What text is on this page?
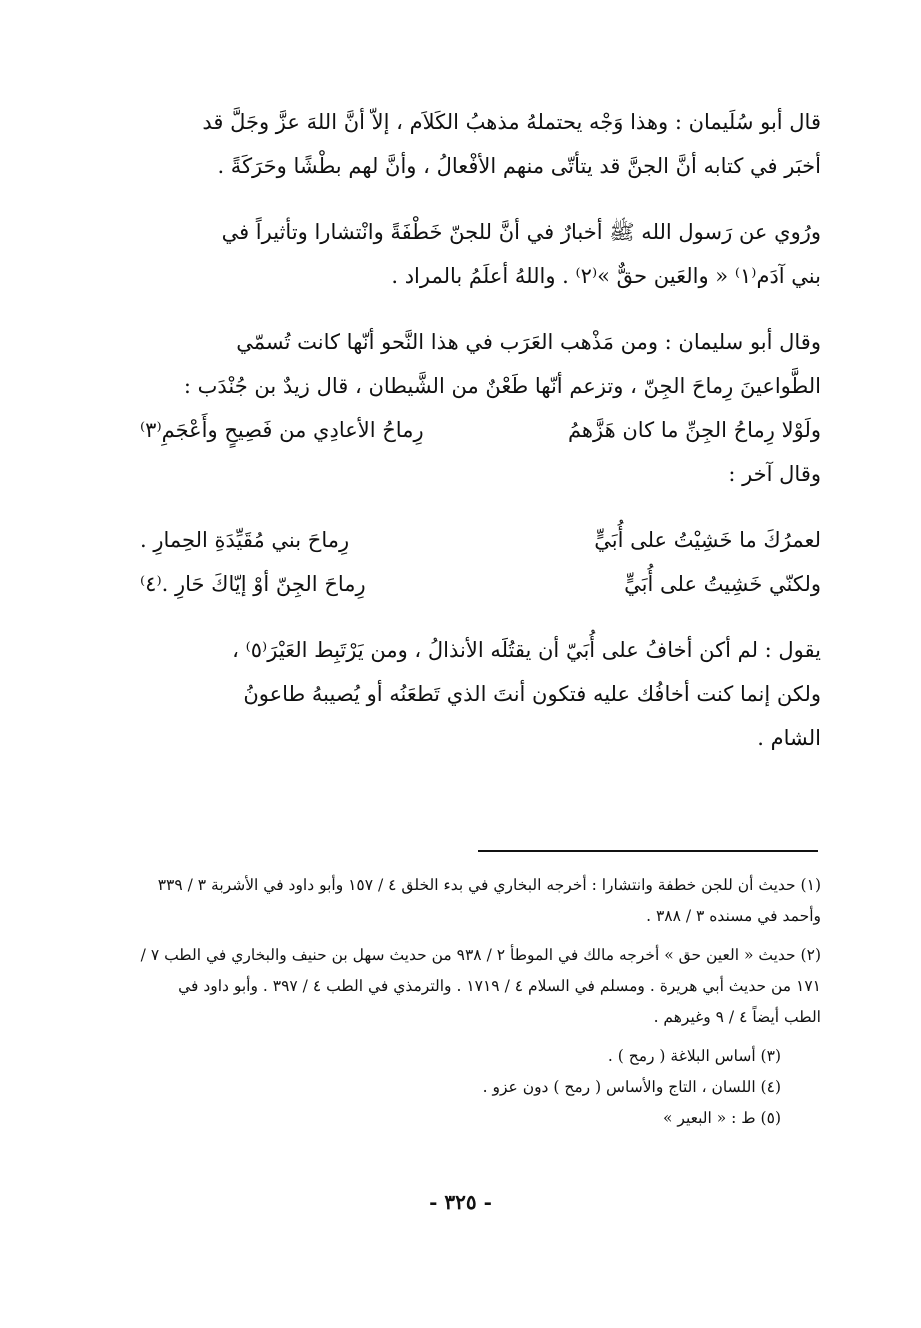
قال أبو سُلَيمان : وهذا وَجْه يحتملهُ مذهبُ الكَلاَم ، إلاّ أنَّ اللهَ عزَّ وجَلَّ قد

أخبَر في كتابه أنَّ الجنَّ قد يتأتّى منهم الأفْعالُ ، وأنَّ لهم بطْشًا وحَرَكَةً .

ورُوي عن رَسول الله ﷺ أخبارٌ في أنَّ للجنّ خَطْفَةً وانْتشارا وتأثيراً في

بني آدَم⁽١⁾ « والعَين حقٌّ »⁽٢⁾ . واللهُ أعلَمُ بالمراد .

وقال أبو سليمان : ومن مَذْهب العَرَب في هذا النَّحو أنّها كانت تُسمّي

الطَّواعينَ رِماحَ الجِنّ ، وتزعم أنّها طَعْنٌ من الشَّيطان ، قال زيدٌ بن جُنْدَب :

ولَوْلا رِماحُ الجِنِّ ما كان هَزَّهمُ
رِماحُ الأعادِي من فَصِيحٍ وأَعْجَمِ⁽٣⁾
وقال آخر :
لعمرُكَ ما خَشِيْتُ على أُبَيٍّ
رِماحَ بني مُقَيِّدَةِ الحِمارِ .
ولكنّي خَشِيتُ على أُبَيٍّ
رِماحَ الجِنّ أوْ إيّاكَ حَارِ .⁽٤⁾

يقول : لم أكن أخافُ على أُبَيّ أن يقتُلَه الأنذالُ ، ومن يَرْتَبِط العَيْرَ⁽٥⁾ ،

ولكن إنما كنت أخافُك عليه فتكون أنتَ الذي تَطعَنُه أو يُصيبهُ طاعونُ

الشام .

(١) حديث أن للجن خطفة وانتشارا : أخرجه البخاري في بدء الخلق ٤ / ١٥٧ وأبو داود في الأشربة ٣ / ٣٣٩ وأحمد في مسنده ٣ / ٣٨٨ .
(٢) حديث « العين حق » أخرجه مالك في الموطأ ٢ / ٩٣٨ من حديث سهل بن حنيف والبخاري في الطب ٧ / ١٧١ من حديث أبي هريرة . ومسلم في السلام ٤ / ١٧١٩ . والترمذي في الطب ٤ / ٣٩٧ . وأبو داود في الطب أيضاً ٤ / ٩ وغيرهم .
(٣) أساس البلاغة ( رمح ) .
(٤) اللسان ، التاج والأساس ( رمح ) دون عزو .
(٥) ط : « البعير »
- ٣٢٥ -
